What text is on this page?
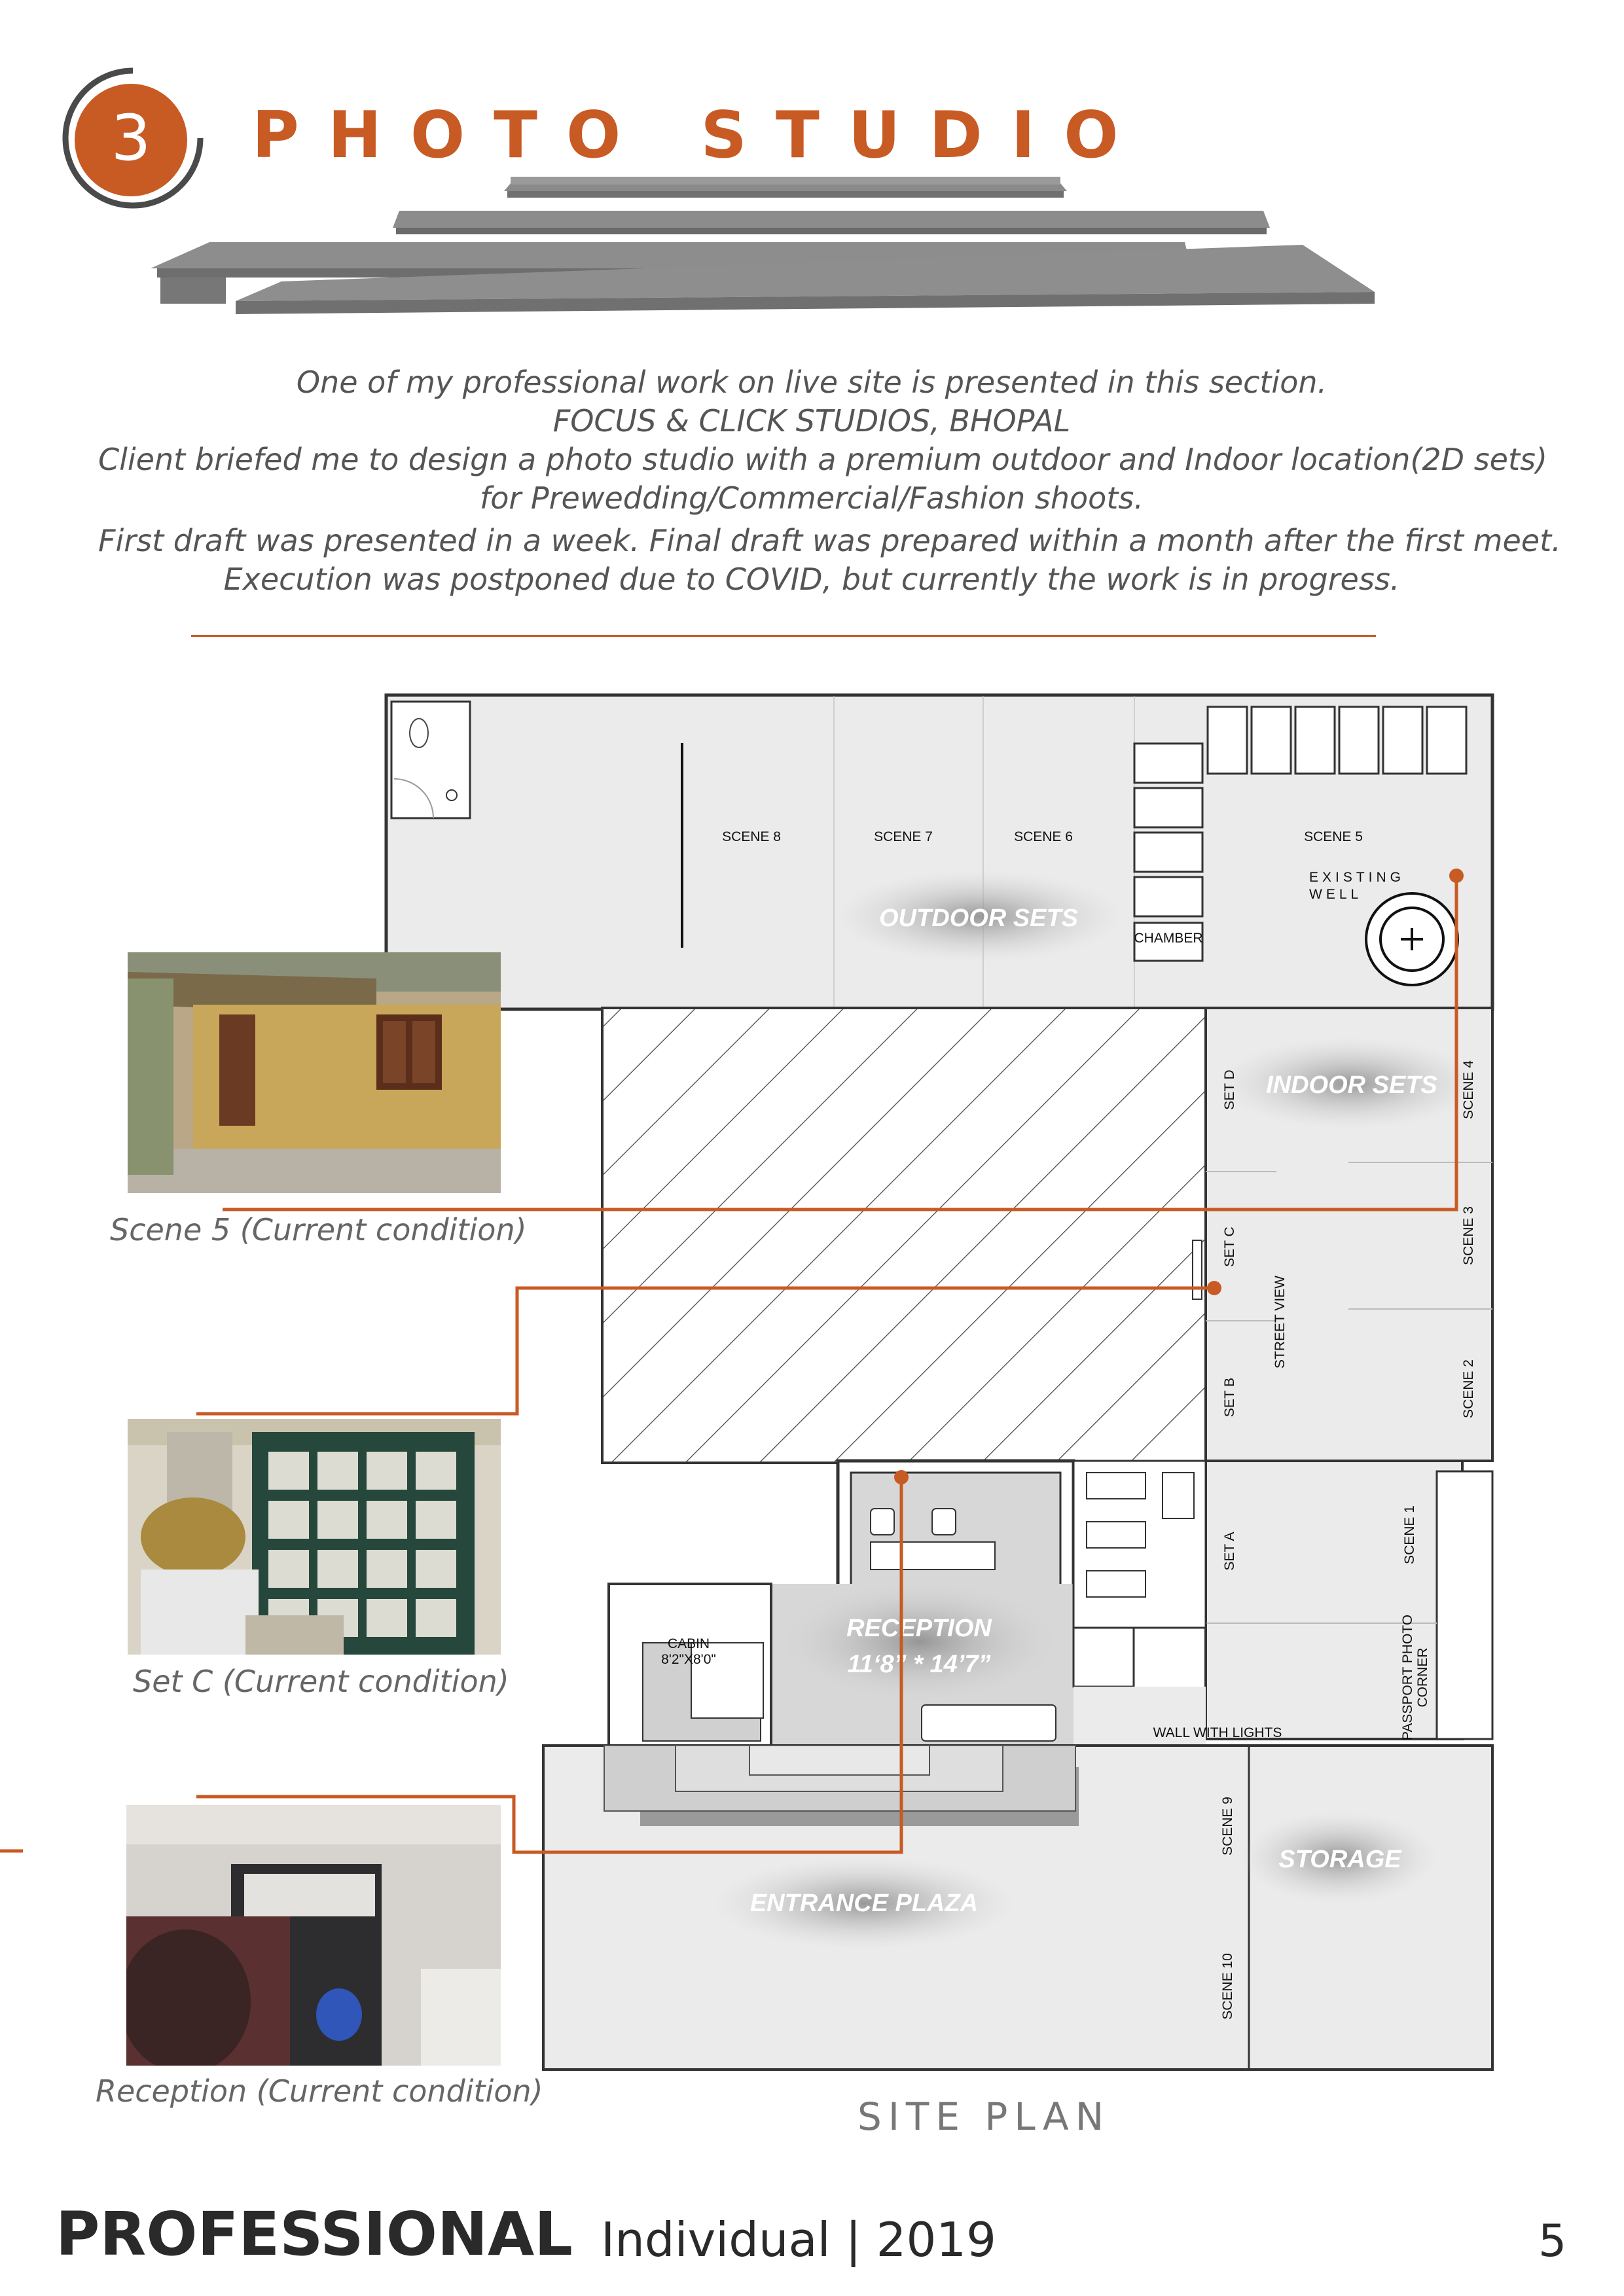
3 PHOTO STUDIO
One of my professional work on live site is presented in this section.
FOCUS & CLICK STUDIOS, BHOPAL
Client briefed me to design a photo studio with a premium outdoor and Indoor location(2D sets)
for Prewedding/Commercial/Fashion shoots.
First draft was presented in a week. Final draft was prepared within a month after the first meet.
Execution was postponed due to COVID, but currently the work is in progress.
SCENE 8	SCENE 7	SCENE 6	SCENE 5
EXISTING
WELL
CHAMBER
OUTDOOR SETS
INDOOR SETS
RECEPTION
11‘8” * 14’7”
ENTRANCE PLAZA
STORAGE
SET D
SET C
SET B
SET A
STREET VIEW
SCENE 4
SCENE 3
SCENE 2
SCENE 1
PASSPORT PHOTO CORNER
CABIN
8'2"X8'0"
WALL WITH LIGHTS
SCENE 9
SCENE 10
Scene 5 (Current condition)
Set C (Current condition)
Reception (Current condition)
SITE PLAN
PROFESSIONAL Individual | 2019	5
